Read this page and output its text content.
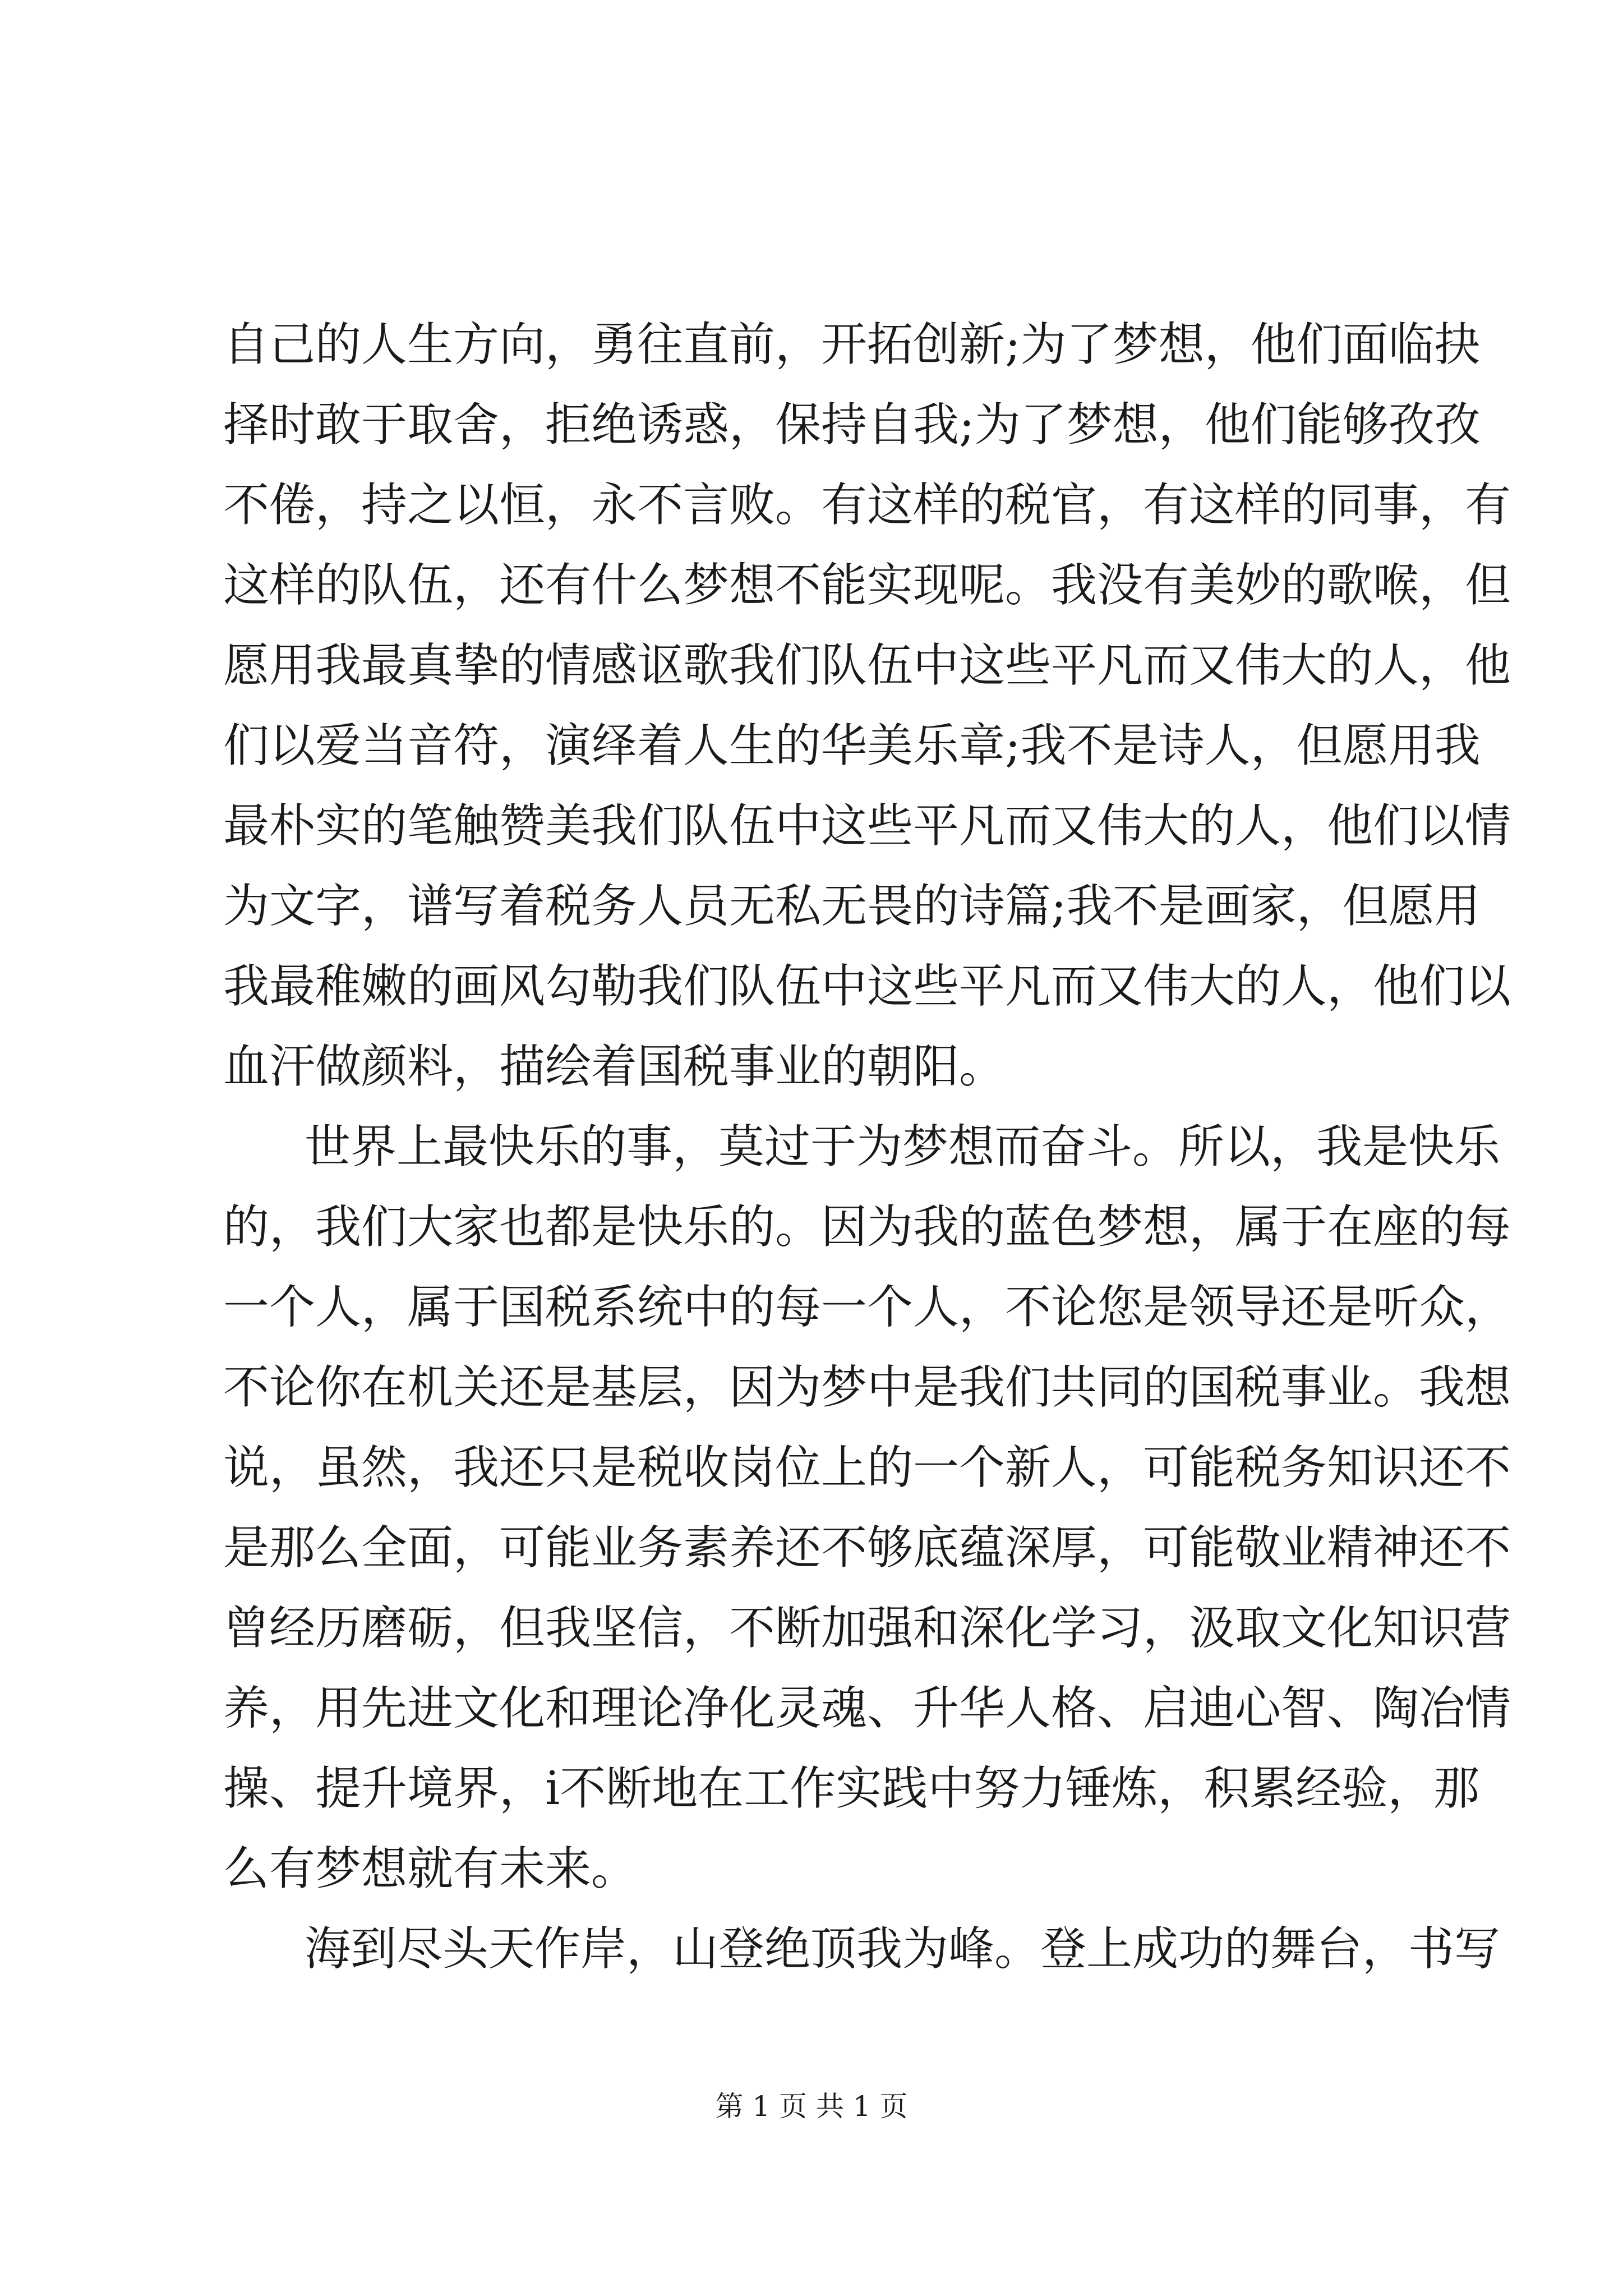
自己的人生方向，勇往直前，开拓创新;为了梦想，他们面临抉
择时敢于取舍，拒绝诱惑，保持自我;为了梦想，他们能够孜孜
不倦，持之以恒，永不言败。有这样的税官，有这样的同事，有
这样的队伍，还有什么梦想不能实现呢。我没有美妙的歌喉，但
愿用我最真挚的情感讴歌我们队伍中这些平凡而又伟大的人，他
们以爱当音符，演绎着人生的华美乐章;我不是诗人，但愿用我
最朴实的笔触赞美我们队伍中这些平凡而又伟大的人，他们以情
为文字，谱写着税务人员无私无畏的诗篇;我不是画家，但愿用
我最稚嫩的画风勾勒我们队伍中这些平凡而又伟大的人，他们以
血汗做颜料，描绘着国税事业的朝阳。
世界上最快乐的事，莫过于为梦想而奋斗。所以，我是快乐
的，我们大家也都是快乐的。因为我的蓝色梦想，属于在座的每
一个人，属于国税系统中的每一个人，不论您是领导还是听众，
不论你在机关还是基层，因为梦中是我们共同的国税事业。我想
说，虽然，我还只是税收岗位上的一个新人，可能税务知识还不
是那么全面，可能业务素养还不够底蕴深厚，可能敬业精神还不
曾经历磨砺，但我坚信，不断加强和深化学习，汲取文化知识营
养，用先进文化和理论净化灵魂、升华人格、启迪心智、陶冶情
操、提升境界，i不断地在工作实践中努力锤炼，积累经验，那
么有梦想就有未来。
海到尽头天作岸，山登绝顶我为峰。登上成功的舞台，书写
第 1 页 共 1 页
